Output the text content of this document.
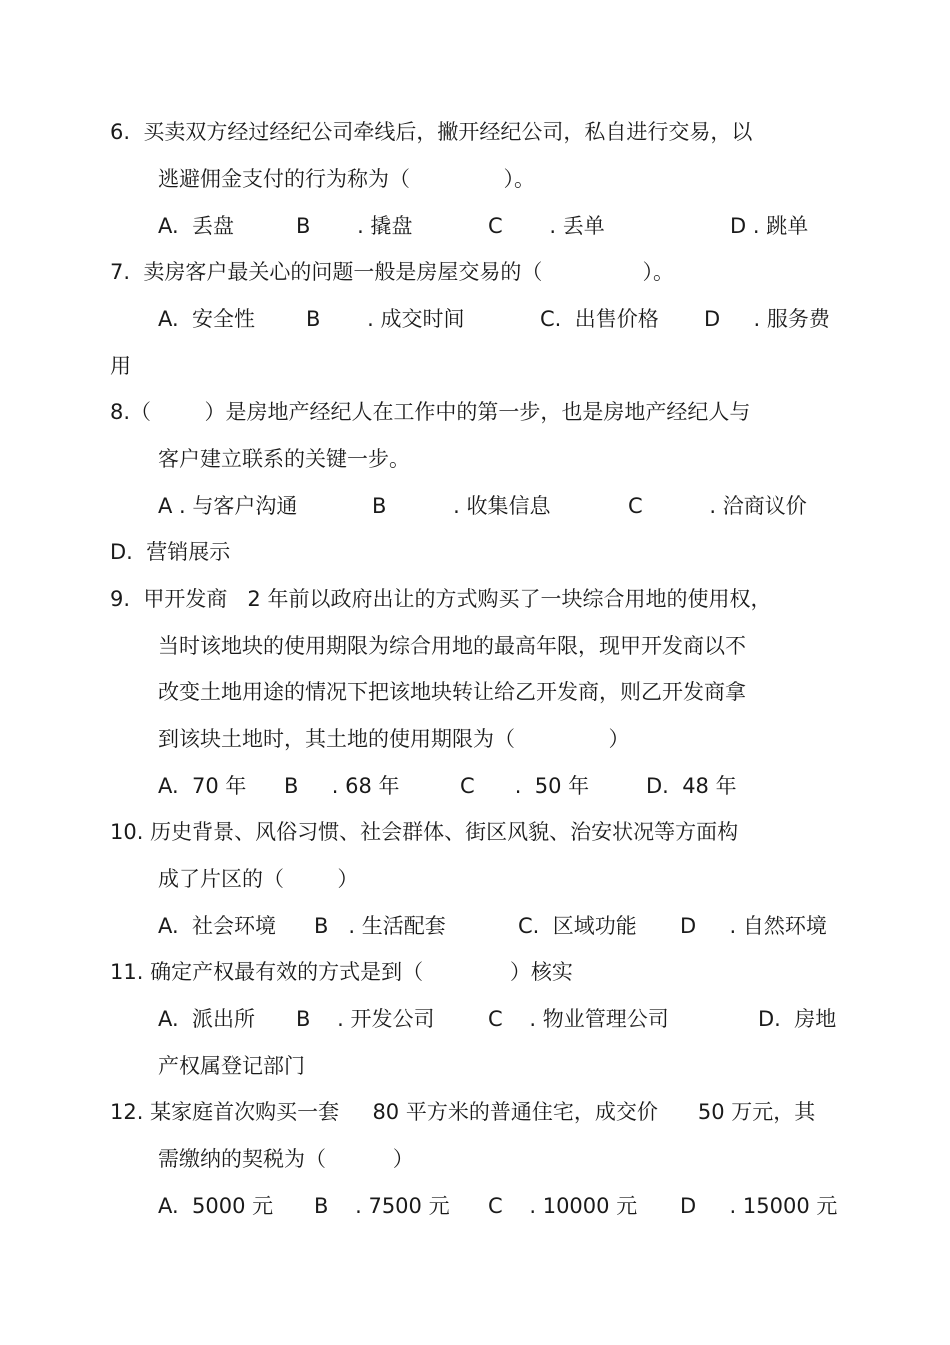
6.  买卖双方经过经纪公司牵线后，撇开经纪公司，私自进行交易，以
逃避佣金支付的行为称为（              ）。
A.  丢盘	B       . 撬盘	C       . 丢单	D . 跳单
7.  卖房客户最关心的问题一般是房屋交易的（               ）。
A.  安全性 B       . 成交时间	C.  出售价格 D     . 服务费
用
8.（        ）是房地产经纪人在工作中的第一步，也是房地产经纪人与
客户建立联系的关键一步。
A . 与客户沟通	B          . 收集信息	C          . 洽商议价
D.  营销展示
9.  甲开发商   2 年前以政府出让的方式购买了一块综合用地的使用权，
当时该地块的使用期限为综合用地的最高年限，现甲开发商以不
改变土地用途的情况下把该地块转让给乙开发商，则乙开发商拿
到该块土地时，其土地的使用期限为（              ）
A.  70 年 B     . 68 年	C      .  50 年	D.  48 年
10. 历史背景、风俗习惯、社会群体、街区风貌、治安状况等方面构
成了片区的（        ）
A.  社会环境 B   . 生活配套	C.  区域功能 D     . 自然环境
11. 确定产权最有效的方式是到（             ）核实
A.  派出所 B    . 开发公司	C    . 物业管理公司	D.  房地
产权属登记部门
12. 某家庭首次购买一套     80 平方米的普通住宅，成交价      50 万元，其
需缴纳的契税为（          ）
A.  5000 元 B    . 7500 元 C    . 10000 元 D     . 15000 元
